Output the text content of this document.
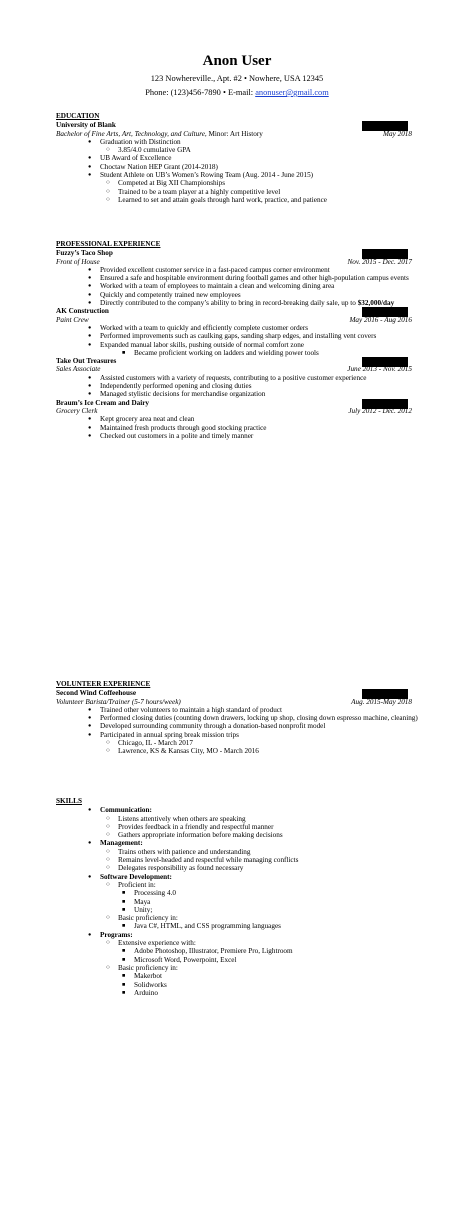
Anon User
123 Nowhereville., Apt. #2 • Nowhere, USA 12345
Phone: (123)456-7890 • E-mail: anonuser@gmail.com
EDUCATION
University of Blank
Bachelor of Fine Arts, Art, Technology, and Culture, Minor: Art History	May 2018
● Graduation with Distinction
○ 3.85/4.0 cumulative GPA
● UB Award of Excellence
● Choctaw Nation HEP Grant (2014-2018)
● Student Athlete on UB’s Women’s Rowing Team (Aug. 2014 - June 2015)
○ Competed at Big XII Championships
○ Trained to be a team player at a highly competitive level
○ Learned to set and attain goals through hard work, practice, and patience
PROFESSIONAL EXPERIENCE
Fuzzy’s Taco Shop
Front of House	Nov. 2015 - Dec. 2017
● Provided excellent customer service in a fast-paced campus corner environment
● Ensured a safe and hospitable environment during football games and other high-population campus events
● Worked with a team of employees to maintain a clean and welcoming dining area
● Quickly and competently trained new employees
● Directly contributed to the company’s ability to bring in record-breaking daily sale, up to $32,000/day
AK Construction
Paint Crew	May 2016 - Aug 2016
● Worked with a team to quickly and efficiently complete customer orders
● Performed improvements such as caulking gaps, sanding sharp edges, and installing vent covers
● Expanded manual labor skills, pushing outside of normal comfort zone
■ Became proficient working on ladders and wielding power tools
Take Out Treasures
Sales Associate	June 2013 - Nov. 2015
● Assisted customers with a variety of requests, contributing to a positive customer experience
● Independently performed opening and closing duties
● Managed stylistic decisions for merchandise organization
Braum’s Ice Cream and Dairy
Grocery Clerk	July 2012 - Dec. 2012
● Kept grocery area neat and clean
● Maintained fresh products through good stocking practice
● Checked out customers in a polite and timely manner
VOLUNTEER EXPERIENCE
Second Wind Coffeehouse
Volunteer Barista/Trainer (5-7 hours/week)	Aug. 2015-May 2018
● Trained other volunteers to maintain a high standard of product
● Performed closing duties (counting down drawers, locking up shop, closing down espresso machine, cleaning)
● Developed surrounding community through a donation-based nonprofit model
● Participated in annual spring break mission trips
○ Chicago, IL - March 2017
○ Lawrence, KS & Kansas City, MO - March 2016
SKILLS
● Communication:
○ Listens attentively when others are speaking
○ Provides feedback in a friendly and respectful manner
○ Gathers appropriate information before making decisions
● Management:
○ Trains others with patience and understanding
○ Remains level-headed and respectful while managing conflicts
○ Delegates responsibility as found necessary
● Software Development:
○ Proficient in:
■ Processing 4.0
■ Maya
■ Unity;
○ Basic proficiency in:
■ Java C#, HTML, and CSS programming languages
● Programs:
○ Extensive experience with:
■ Adobe Photoshop, Illustrator, Premiere Pro, Lightroom
■ Microsoft Word, Powerpoint, Excel
○ Basic proficiency in:
■ Makerbot
■ Solidworks
■ Arduino
